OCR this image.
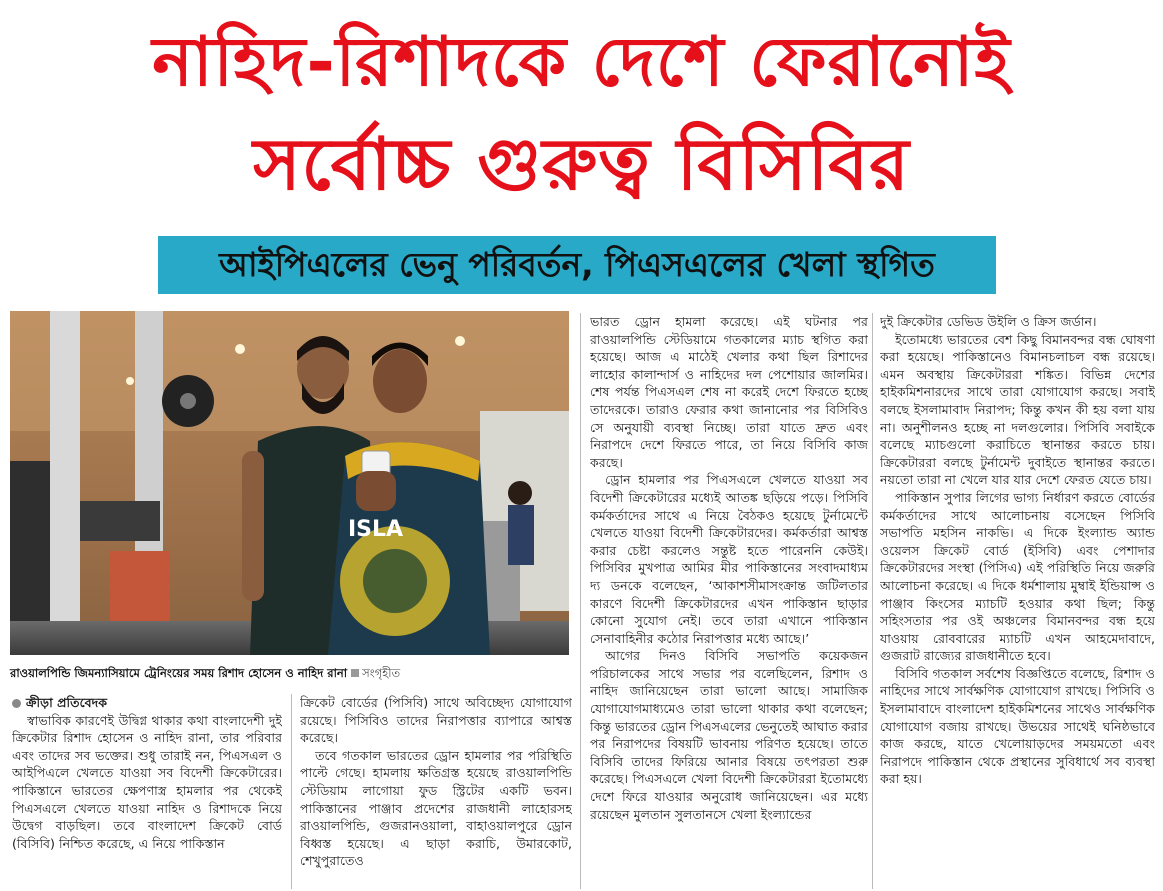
নাহিদ-রিশাদকে দেশে ফেরানোই
সর্বোচ্চ গুরুত্ব বিসিবির
আইপিএলের ভেনু পরিবর্তন, পিএসএলের খেলা স্থগিত
ISLA
রাওয়ালপিন্ডি জিমন্যাসিয়ামে ট্রেনিংয়ের সময় রিশাদ হোসেন ও নাহিদ রানা সংগৃহীত

ক্রীড়া প্রতিবেদক

স্বাভাবিক কারণেই উদ্বিগ্ন থাকার কথা বাংলাদেশী দুই ক্রিকেটার রিশাদ হোসেন ও নাহিদ রানা, তার পরিবার এবং তাদের সব ভক্তের। শুধু তারাই নন, পিএসএল ও আইপিএলে খেলতে যাওয়া সব বিদেশী ক্রিকেটারের। পাকিস্তানে ভারতের ক্ষেপণাস্ত্র হামলার পর থেকেই পিএসএলে খেলতে যাওয়া নাহিদ ও রিশাদকে নিয়ে উদ্বেগ বাড়ছিল। তবে বাংলাদেশ ক্রিকেট বোর্ড (বিসিবি) নিশ্চিত করেছে, এ নিয়ে পাকিস্তান

ক্রিকেট বোর্ডের (পিসিবি) সাথে অবিচ্ছেদ্য যোগাযোগ রয়েছে। পিসিবিও তাদের নিরাপত্তার ব্যাপারে আশ্বস্ত করেছে।

তবে গতকাল ভারতের ড্রোন হামলার পর পরিস্থিতি পাল্টে গেছে। হামলায় ক্ষতিগ্রস্ত হয়েছে রাওয়ালপিন্ডি স্টেডিয়াম লাগোয়া ফুড স্ট্রিটের একটি ভবন। পাকিস্তানের পাঞ্জাব প্রদেশের রাজধানী লাহোরসহ রাওয়ালপিন্ডি, গুজরানওয়ালা, বাহাওয়ালপুরে ড্রোন বিধ্বস্ত হয়েছে। এ ছাড়া করাচি, উমারকোট, শেখুপুরাতেও

ভারত ড্রোন হামলা করেছে। এই ঘটনার পর রাওয়ালপিন্ডি স্টেডিয়ামে গতকালের ম্যাচ স্থগিত করা হয়েছে। আজ এ মাঠেই খেলার কথা ছিল রিশাদের লাহোর কালান্দার্স ও নাহিদের দল পেশোয়ার জালমির। শেষ পর্যন্ত পিএসএল শেষ না করেই দেশে ফিরতে হচ্ছে তাদেরকে। তারাও ফেরার কথা জানানোর পর বিসিবিও সে অনুযায়ী ব্যবস্থা নিচ্ছে। তারা যাতে দ্রুত এবং নিরাপদে দেশে ফিরতে পারে, তা নিয়ে বিসিবি কাজ করছে।

ড্রোন হামলার পর পিএসএলে খেলতে যাওয়া সব বিদেশী ক্রিকেটারের মধ্যেই আতঙ্ক ছড়িয়ে পড়ে। পিসিবি কর্মকর্তাদের সাথে এ নিয়ে বৈঠকও হয়েছে টুর্নামেন্টে খেলতে যাওয়া বিদেশী ক্রিকেটারদের। কর্মকর্তারা আশ্বস্ত করার চেষ্টা করলেও সন্তুষ্ট হতে পারেননি কেউই। পিসিবির মুখপাত্র আমির মীর পাকিস্তানের সংবাদমাধ্যম দ্য ডনকে বলেছেন, ‘আকাশসীমাসংক্রান্ত জটিলতার কারণে বিদেশী ক্রিকেটারদের এখন পাকিস্তান ছাড়ার কোনো সুযোগ নেই। তবে তারা এখানে পাকিস্তান সেনাবাহিনীর কঠোর নিরাপত্তার মধ্যে আছে।’

আগের দিনও বিসিবি সভাপতি কয়েকজন পরিচালকের সাথে সভার পর বলেছিলেন, রিশাদ ও নাহিদ জানিয়েছেন তারা ভালো আছে। সামাজিক যোগাযোগমাধ্যমেও তারা ভালো থাকার কথা বলেছেন; কিন্তু ভারতের ড্রোন পিএসএলের ভেনুতেই আঘাত করার পর নিরাপদের বিষয়টি ভাবনায় পরিণত হয়েছে। তাতে বিসিবি তাদের ফিরিয়ে আনার বিষয়ে তৎপরতা শুরু করেছে। পিএসএলে খেলা বিদেশী ক্রিকেটাররা ইতোমধ্যে দেশে ফিরে যাওয়ার অনুরোধ জানিয়েছেন। এর মধ্যে রয়েছেন মুলতান সুলতানসে খেলা ইংল্যান্ডের

দুই ক্রিকেটার ডেভিড উইলি ও ক্রিস জর্ডান।

ইতোমধ্যে ভারতের বেশ কিছু বিমানবন্দর বন্ধ ঘোষণা করা হয়েছে। পাকিস্তানেও বিমানচলাচল বন্ধ রয়েছে। এমন অবস্থায় ক্রিকেটাররা শঙ্কিত। বিভিন্ন দেশের হাইকমিশনারদের সাথে তারা যোগাযোগ করছে। সবাই বলছে ইসলামাবাদ নিরাপদ; কিন্তু কখন কী হয় বলা যায় না। অনুশীলনও হচ্ছে না দলগুলোর। পিসিবি সবাইকে বলেছে ম্যাচগুলো করাচিতে স্থানান্তর করতে চায়। ক্রিকেটাররা বলছে টুর্নামেন্ট দুবাইতে স্থানান্তর করতে। নয়তো তারা না খেলে যার যার দেশে ফেরত যেতে চায়।

পাকিস্তান সুপার লিগের ভাগ্য নির্ধারণ করতে বোর্ডের কর্মকর্তাদের সাথে আলোচনায় বসেছেন পিসিবি সভাপতি মহসিন নাকভি। এ দিকে ইংল্যান্ড অ্যান্ড ওয়েলস ক্রিকেট বোর্ড (ইসিবি) এবং পেশাদার ক্রিকেটারদের সংস্থা (পিসিএ) এই পরিস্থিতি নিয়ে জরুরি আলোচনা করেছে। এ দিকে ধর্মশালায় মুম্বাই ইন্ডিয়ান্স ও পাঞ্জাব কিংসের ম্যাচটি হওয়ার কথা ছিল; কিন্তু সহিংসতার পর ওই অঞ্চলের বিমানবন্দর বন্ধ হয়ে যাওয়ায় রোববারের ম্যাচটি এখন আহমেদাবাদে, গুজরাট রাজ্যের রাজধানীতে হবে।

বিসিবি গতকাল সর্বশেষ বিজ্ঞপ্তিতে বলেছে, রিশাদ ও নাহিদের সাথে সার্বক্ষণিক যোগাযোগ রাখছে। পিসিবি ও ইসলামাবাদে বাংলাদেশ হাইকমিশনের সাথেও সার্বক্ষণিক যোগাযোগ বজায় রাখছে। উভয়ের সাথেই ঘনিষ্ঠভাবে কাজ করছে, যাতে খেলোয়াড়দের সময়মতো এবং নিরাপদে পাকিস্তান থেকে প্রস্থানের সুবিধার্থে সব ব্যবস্থা করা হয়।
